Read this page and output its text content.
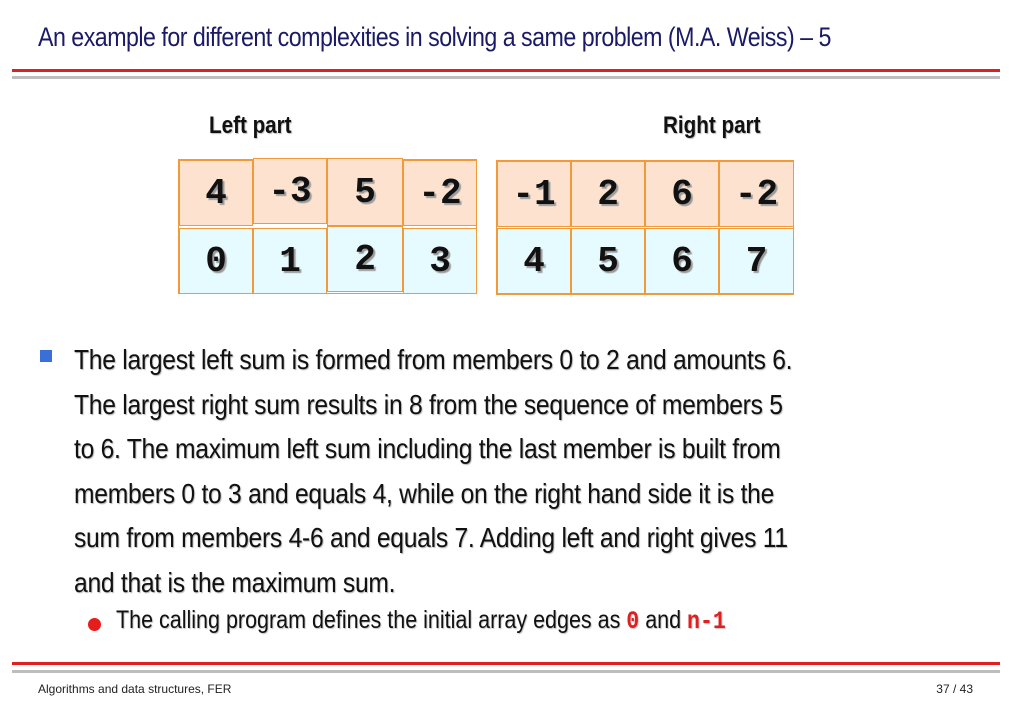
An example for different complexities in solving a same problem (M.A. Weiss) – 5
Left part	Right part
4	-3	5	-2
0	1	2	3
-1	2	6	-2
4	5	6	7
The largest left sum is formed from members 0 to 2 and amounts 6.
The largest right sum results in 8 from the sequence of members 5
to 6. The maximum left sum including the last member is built from
members 0 to 3 and equals 4, while on the right hand side it is the
sum from members 4-6 and equals 7. Adding left and right gives 11
and that is the maximum sum.
The calling program defines the initial array edges as 0 and n-1
Algorithms and data structures, FER	37 / 43
